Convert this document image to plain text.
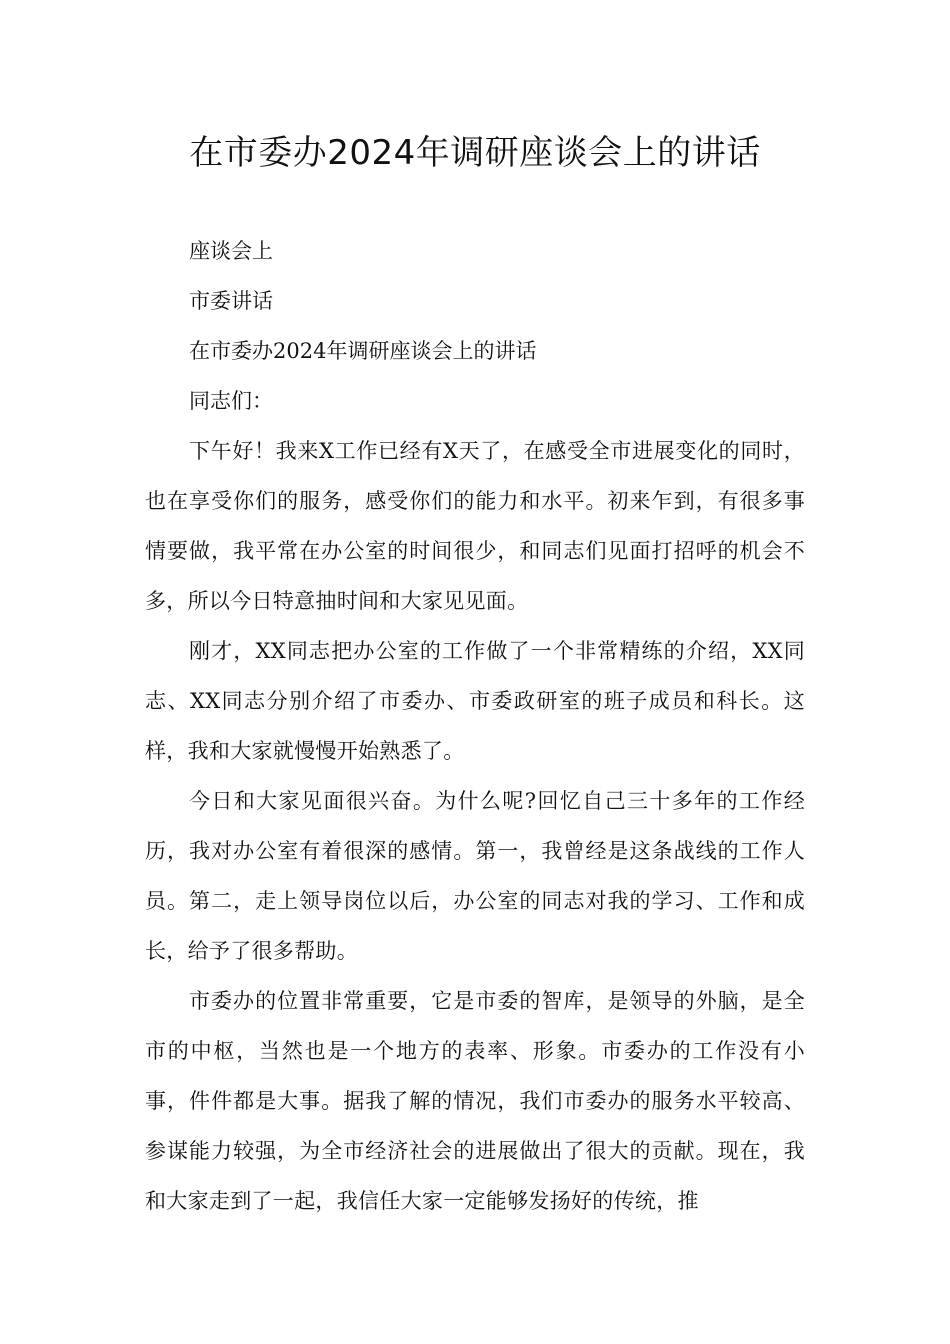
在市委办2024年调研座谈会上的讲话

座谈会上

市委讲话

在市委办2024年调研座谈会上的讲话

同志们：

下午好！我来X工作已经有X天了，在感受全市进展变化的同时，也在享受你们的服务，感受你们的能力和水平。初来乍到，有很多事情要做，我平常在办公室的时间很少，和同志们见面打招呼的机会不多，所以今日特意抽时间和大家见见面。

刚才，XX同志把办公室的工作做了一个非常精练的介绍，XX同志、XX同志分别介绍了市委办、市委政研室的班子成员和科长。这样，我和大家就慢慢开始熟悉了。

今日和大家见面很兴奋。为什么呢?回忆自己三十多年的工作经历，我对办公室有着很深的感情。第一，我曾经是这条战线的工作人员。第二，走上领导岗位以后，办公室的同志对我的学习、工作和成长，给予了很多帮助。

市委办的位置非常重要，它是市委的智库，是领导的外脑，是全市的中枢，当然也是一个地方的表率、形象。市委办的工作没有小事，件件都是大事。据我了解的情况，我们市委办的服务水平较高、参谋能力较强，为全市经济社会的进展做出了很大的贡献。现在，我和大家走到了一起，我信任大家一定能够发扬好的传统，推
